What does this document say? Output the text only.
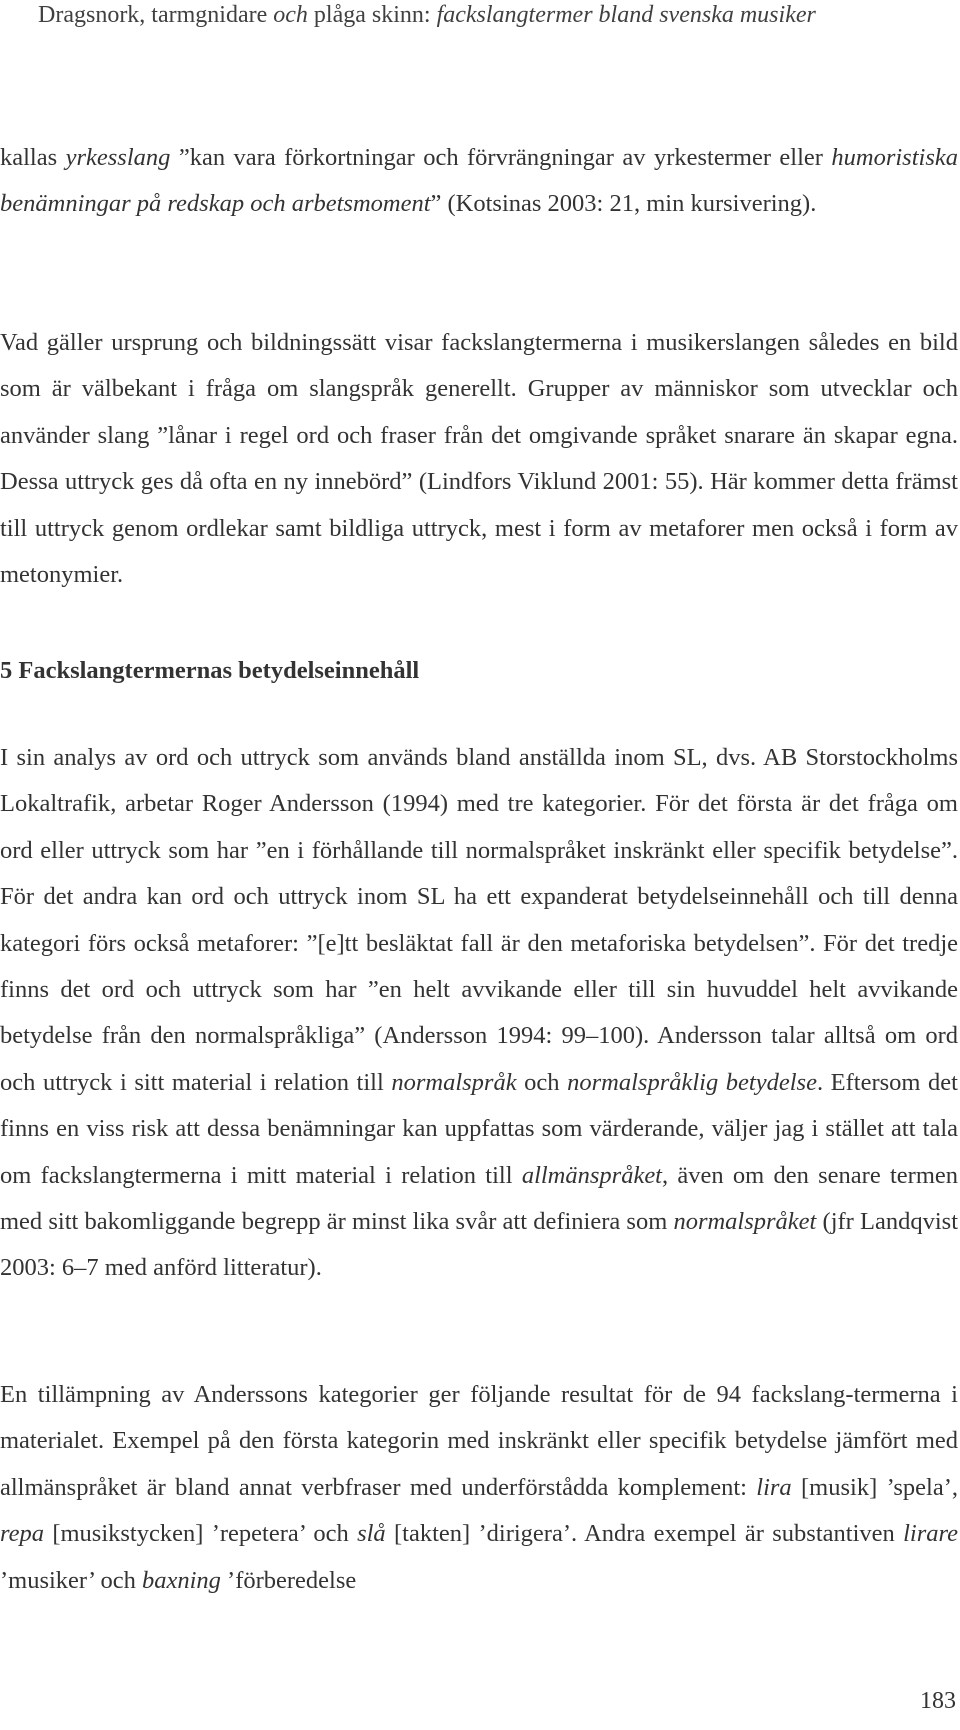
Dragsnork, tarmgnidare och plåga skinn: fackslangtermer bland svenska musiker

kallas yrkesslang ”kan vara förkortningar och förvrängningar av yrkestermer eller humoristiska benämningar på redskap och arbetsmoment” (Kotsinas 2003: 21, min kursivering).

Vad gäller ursprung och bildningssätt visar fackslangtermerna i musikerslangen således en bild som är välbekant i fråga om slangspråk generellt. Grupper av människor som utvecklar och använder slang ”lånar i regel ord och fraser från det omgivande språket snarare än skapar egna. Dessa uttryck ges då ofta en ny innebörd” (Lindfors Viklund 2001: 55). Här kommer detta främst till uttryck genom ordlekar samt bildliga uttryck, mest i form av metaforer men också i form av metonymier.

5 Fackslangtermernas betydelseinnehåll

I sin analys av ord och uttryck som används bland anställda inom SL, dvs. AB Storstockholms Lokaltrafik, arbetar Roger Andersson (1994) med tre kategorier. För det första är det fråga om ord eller uttryck som har ”en i förhållande till normalspråket inskränkt eller specifik betydelse”. För det andra kan ord och uttryck inom SL ha ett expanderat betydelseinnehåll och till denna kategori förs också metaforer: ”[e]tt besläktat fall är den metaforiska betydelsen”. För det tredje finns det ord och uttryck som har ”en helt avvikande eller till sin huvuddel helt avvikande betydelse från den normalspråkliga” (Andersson 1994: 99–100). Andersson talar alltså om ord och uttryck i sitt material i relation till normalspråk och normalspråklig betydelse. Eftersom det finns en viss risk att dessa benämningar kan uppfattas som värderande, väljer jag i stället att tala om fackslangtermerna i mitt material i relation till allmänspråket, även om den senare termen med sitt bakomliggande begrepp är minst lika svår att definiera som normalspråket (jfr Landqvist 2003: 6–7 med anförd litteratur).

En tillämpning av Anderssons kategorier ger följande resultat för de 94 fackslang-termerna i materialet. Exempel på den första kategorin med inskränkt eller specifik betydelse jämfört med allmänspråket är bland annat verbfraser med underförstådda komplement: lira [musik] ’spela’, repa [musikstycken] ’repetera’ och slå [takten] ’dirigera’. Andra exempel är substantiven lirare ’musiker’ och baxning ’förberedelse

183
